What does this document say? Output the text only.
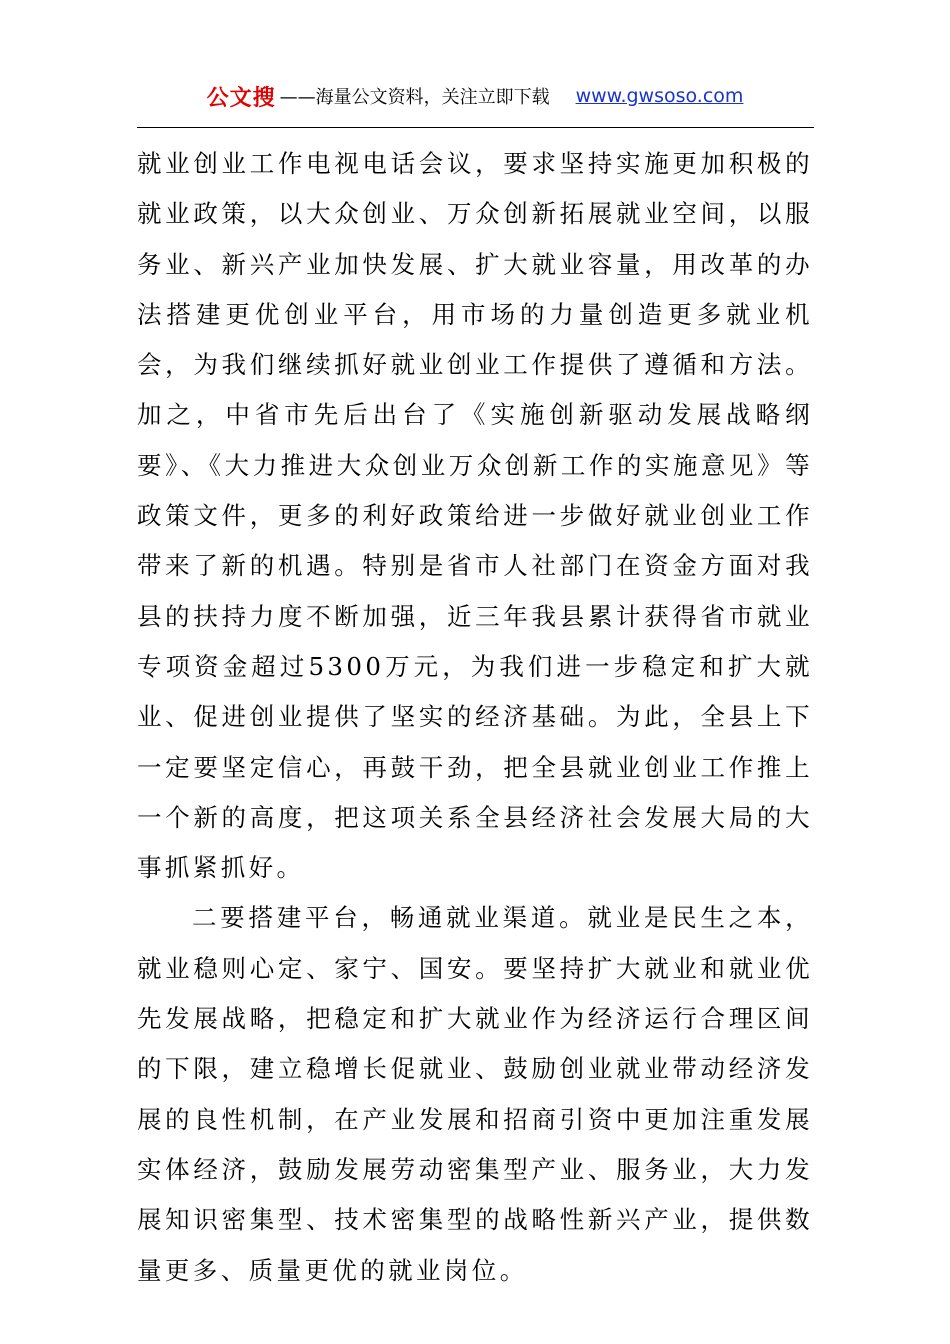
公文搜 ——海量公文资料，关注立即下载 www.gwsoso.com

就业创业工作电视电话会议，要求坚持实施更加积极的就业政策，以大众创业、万众创新拓展就业空间，以服务业、新兴产业加快发展、扩大就业容量，用改革的办法搭建更优创业平台，用市场的力量创造更多就业机会，为我们继续抓好就业创业工作提供了遵循和方法。加之，中省市先后出台了《实施创新驱动发展战略纲要》、《大力推进大众创业万众创新工作的实施意见》等政策文件，更多的利好政策给进一步做好就业创业工作带来了新的机遇。特别是省市人社部门在资金方面对我县的扶持力度不断加强，近三年我县累计获得省市就业专项资金超过5300万元，为我们进一步稳定和扩大就业、促进创业提供了坚实的经济基础。为此，全县上下一定要坚定信心，再鼓干劲，把全县就业创业工作推上一个新的高度，把这项关系全县经济社会发展大局的大事抓紧抓好。

二要搭建平台，畅通就业渠道。就业是民生之本，就业稳则心定、家宁、国安。要坚持扩大就业和就业优先发展战略，把稳定和扩大就业作为经济运行合理区间的下限，建立稳增长促就业、鼓励创业就业带动经济发展的良性机制，在产业发展和招商引资中更加注重发展实体经济，鼓励发展劳动密集型产业、服务业，大力发展知识密集型、技术密集型的战略性新兴产业，提供数量更多、质量更优的就业岗位。
